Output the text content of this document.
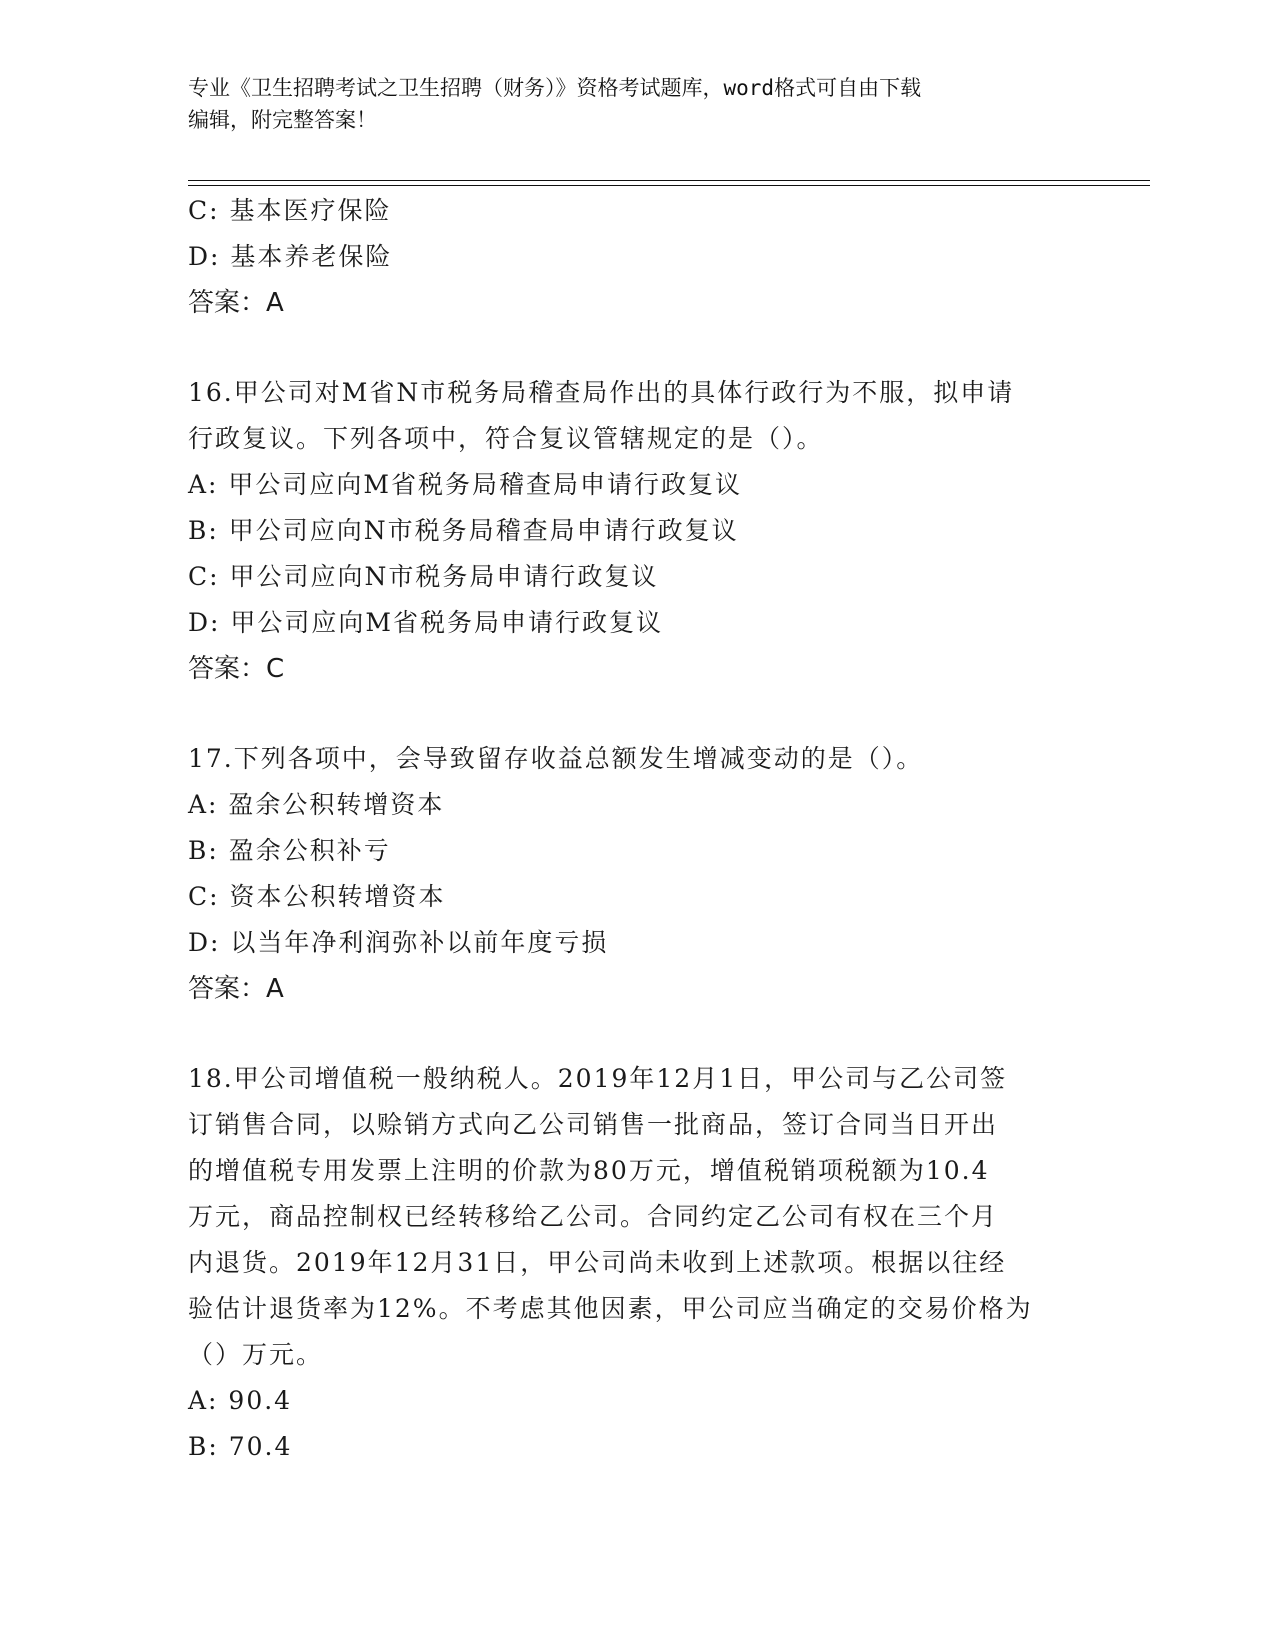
专业《卫生招聘考试之卫生招聘（财务）》资格考试题库，word格式可自由下载
编辑，附完整答案！
C: 基本医疗保险
D: 基本养老保险
答案：A
16.甲公司对M省N市税务局稽查局作出的具体行政行为不服，拟申请
行政复议。下列各项中，符合复议管辖规定的是（）。
A: 甲公司应向M省税务局稽查局申请行政复议
B: 甲公司应向N市税务局稽查局申请行政复议
C: 甲公司应向N市税务局申请行政复议
D: 甲公司应向M省税务局申请行政复议
答案：C
17.下列各项中，会导致留存收益总额发生增减变动的是（）。
A: 盈余公积转增资本
B: 盈余公积补亏
C: 资本公积转增资本
D: 以当年净利润弥补以前年度亏损
答案：A
18.甲公司增值税一般纳税人。2019年12月1日，甲公司与乙公司签
订销售合同，以赊销方式向乙公司销售一批商品，签订合同当日开出
的增值税专用发票上注明的价款为80万元，增值税销项税额为10.4
万元，商品控制权已经转移给乙公司。合同约定乙公司有权在三个月
内退货。2019年12月31日，甲公司尚未收到上述款项。根据以往经
验估计退货率为12%。不考虑其他因素，甲公司应当确定的交易价格为
（）万元。
A: 90.4
B: 70.4
